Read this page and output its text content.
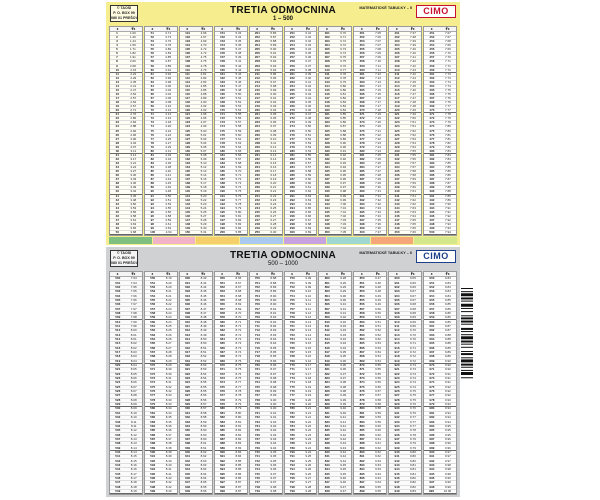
© TAOSI
P. O. BOX 99
080 01 PREŠOV
TRETIA ODMOCNINA
1 – 500
MATEMATICKÉ TABUĽKY – 5	CIMO
x	∛x
1	1.00
2	1.26
3	1.44
4	1.59
5	1.71
6	1.82
7	1.91
8	2.00
9	2.08
10	2.15
11	2.22
12	2.29
13	2.35
14	2.41
15	2.47
16	2.52
17	2.57
18	2.62
19	2.67
20	2.71
21	2.76
22	2.80
23	2.84
24	2.88
25	2.92
26	2.96
27	3.00
28	3.04
29	3.07
30	3.11
31	3.14
32	3.17
33	3.21
34	3.24
35	3.27
36	3.30
37	3.33
38	3.36
39	3.39
40	3.42
41	3.45
42	3.48
43	3.50
44	3.53
45	3.56
46	3.58
47	3.61
48	3.63
49	3.66
50	3.68
x	∛x
51	3.71
52	3.73
53	3.76
54	3.78
55	3.80
56	3.83
57	3.85
58	3.87
59	3.89
60	3.91
61	3.94
62	3.96
63	3.98
64	4.00
65	4.02
66	4.04
67	4.06
68	4.08
69	4.10
70	4.12
71	4.14
72	4.16
73	4.18
74	4.20
75	4.22
76	4.24
77	4.25
78	4.27
79	4.29
80	4.31
81	4.33
82	4.34
83	4.36
84	4.38
85	4.40
86	4.41
87	4.43
88	4.45
89	4.46
90	4.48
91	4.50
92	4.51
93	4.53
94	4.55
95	4.56
96	4.58
97	4.59
98	4.61
99	4.63
100	4.64
x	∛x
101	4.66
102	4.67
103	4.69
104	4.70
105	4.72
106	4.73
107	4.75
108	4.76
109	4.78
110	4.79
111	4.81
112	4.82
113	4.83
114	4.85
115	4.86
116	4.88
117	4.89
118	4.90
119	4.92
120	4.93
121	4.95
122	4.96
123	4.97
124	4.99
125	5.00
126	5.01
127	5.03
128	5.04
129	5.05
130	5.07
131	5.08
132	5.09
133	5.10
134	5.12
135	5.13
136	5.14
137	5.16
138	5.17
139	5.18
140	5.19
141	5.20
142	5.22
143	5.23
144	5.24
145	5.25
146	5.27
147	5.28
148	5.29
149	5.30
150	5.31
x	∛x
151	5.33
152	5.34
153	5.35
154	5.36
155	5.37
156	5.38
157	5.39
158	5.41
159	5.42
160	5.43
161	5.44
162	5.45
163	5.46
164	5.47
165	5.48
166	5.50
167	5.51
168	5.52
169	5.53
170	5.54
171	5.55
172	5.56
173	5.57
174	5.58
175	5.59
176	5.60
177	5.61
178	5.63
179	5.64
180	5.65
181	5.66
182	5.67
183	5.68
184	5.69
185	5.70
186	5.71
187	5.72
188	5.73
189	5.74
190	5.75
191	5.76
192	5.77
193	5.78
194	5.79
195	5.80
196	5.81
197	5.82
198	5.83
199	5.84
200	5.85
x	∛x
201	5.86
202	5.87
203	5.88
204	5.89
205	5.90
206	5.91
207	5.92
208	5.92
209	5.93
210	5.94
211	5.95
212	5.96
213	5.97
214	5.98
215	5.99
216	6.00
217	6.01
218	6.02
219	6.03
220	6.04
221	6.05
222	6.06
223	6.06
224	6.07
225	6.08
226	6.09
227	6.10
228	6.11
229	6.12
230	6.13
231	6.14
232	6.14
233	6.15
234	6.16
235	6.17
236	6.18
237	6.19
238	6.20
239	6.21
240	6.21
241	6.22
242	6.23
243	6.24
244	6.25
245	6.26
246	6.27
247	6.27
248	6.28
249	6.29
250	6.30
x	∛x
251	6.31
252	6.32
253	6.32
254	6.33
255	6.34
256	6.35
257	6.36
258	6.37
259	6.37
260	6.38
261	6.39
262	6.40
263	6.41
264	6.42
265	6.42
266	6.43
267	6.44
268	6.45
269	6.46
270	6.46
271	6.47
272	6.48
273	6.49
274	6.50
275	6.50
276	6.51
277	6.52
278	6.53
279	6.53
280	6.54
281	6.55
282	6.56
283	6.57
284	6.57
285	6.58
286	6.59
287	6.60
288	6.60
289	6.61
290	6.62
291	6.63
292	6.63
293	6.64
294	6.65
295	6.66
296	6.66
297	6.67
298	6.68
299	6.69
300	6.69
x	∛x
301	6.70
302	6.71
303	6.72
304	6.72
305	6.73
306	6.74
307	6.75
308	6.75
309	6.76
310	6.77
311	6.78
312	6.78
313	6.79
314	6.80
315	6.80
316	6.81
317	6.82
318	6.83
319	6.83
320	6.84
321	6.85
322	6.85
323	6.86
324	6.87
325	6.88
326	6.88
327	6.89
328	6.90
329	6.90
330	6.91
331	6.92
332	6.92
333	6.93
334	6.94
335	6.95
336	6.95
337	6.96
338	6.97
339	6.97
340	6.98
341	6.99
342	6.99
343	7.00
344	7.01
345	7.01
346	7.02
347	7.03
348	7.03
349	7.04
350	7.05
x	∛x
351	7.05
352	7.06
353	7.07
354	7.07
355	7.08
356	7.09
357	7.09
358	7.10
359	7.11
360	7.11
361	7.12
362	7.13
363	7.13
364	7.14
365	7.15
366	7.15
367	7.16
368	7.17
369	7.17
370	7.18
371	7.19
372	7.19
373	7.20
374	7.20
375	7.21
376	7.22
377	7.22
378	7.23
379	7.24
380	7.24
381	7.25
382	7.26
383	7.26
384	7.27
385	7.27
386	7.28
387	7.29
388	7.29
389	7.30
390	7.31
391	7.31
392	7.32
393	7.32
394	7.33
395	7.34
396	7.34
397	7.35
398	7.36
399	7.36
400	7.37
x	∛x
401	7.37
402	7.38
403	7.39
404	7.39
405	7.40
406	7.40
407	7.41
408	7.42
409	7.42
410	7.43
411	7.43
412	7.44
413	7.45
414	7.45
415	7.46
416	7.47
417	7.47
418	7.48
419	7.48
420	7.49
421	7.49
422	7.50
423	7.51
424	7.51
425	7.52
426	7.52
427	7.53
428	7.54
429	7.54
430	7.55
431	7.55
432	7.56
433	7.57
434	7.57
435	7.58
436	7.58
437	7.59
438	7.59
439	7.60
440	7.61
441	7.61
442	7.62
443	7.62
444	7.63
445	7.63
446	7.64
447	7.65
448	7.65
449	7.66
450	7.66
x	∛x
451	7.67
452	7.67
453	7.68
454	7.69
455	7.69
456	7.70
457	7.70
458	7.71
459	7.71
460	7.72
461	7.73
462	7.73
463	7.74
464	7.74
465	7.75
466	7.75
467	7.76
468	7.76
469	7.77
470	7.77
471	7.78
472	7.79
473	7.79
474	7.80
475	7.80
476	7.81
477	7.81
478	7.82
479	7.82
480	7.83
481	7.84
482	7.84
483	7.85
484	7.85
485	7.86
486	7.86
487	7.87
488	7.87
489	7.88
490	7.88
491	7.89
492	7.89
493	7.90
494	7.91
495	7.91
496	7.92
497	7.92
498	7.93
499	7.93
500	7.94
© TAOSI
P. O. BOX 99
080 01 PREŠOV
TRETIA ODMOCNINA
500 – 1000
MATEMATICKÉ TABUĽKY – 6	CIMO
x	∛x
500	7.94
501	7.94
502	7.95
503	7.95
504	7.96
505	7.96
506	7.97
507	7.97
508	7.98
509	7.98
510	7.99
511	7.99
512	8.00
513	8.01
514	8.01
515	8.02
516	8.02
517	8.03
518	8.03
519	8.04
520	8.04
521	8.05
522	8.05
523	8.06
524	8.06
525	8.07
526	8.07
527	8.08
528	8.08
529	8.09
530	8.09
531	8.10
532	8.10
533	8.11
534	8.11
535	8.12
536	8.12
537	8.13
538	8.13
539	8.14
540	8.14
541	8.15
542	8.15
543	8.16
544	8.16
545	8.17
546	8.17
547	8.18
548	8.18
549	8.19
x	∛x
550	8.19
551	8.20
552	8.20
553	8.21
554	8.21
555	8.22
556	8.22
557	8.23
558	8.23
559	8.24
560	8.24
561	8.25
562	8.25
563	8.26
564	8.26
565	8.27
566	8.27
567	8.28
568	8.28
569	8.29
570	8.29
571	8.30
572	8.30
573	8.31
574	8.31
575	8.32
576	8.32
577	8.33
578	8.33
579	8.33
580	8.34
581	8.34
582	8.35
583	8.35
584	8.36
585	8.36
586	8.37
587	8.37
588	8.38
589	8.38
590	8.39
591	8.39
592	8.40
593	8.40
594	8.41
595	8.41
596	8.42
597	8.42
598	8.42
599	8.43
x	∛x
600	8.43
601	8.44
602	8.44
603	8.45
604	8.45
605	8.46
606	8.46
607	8.47
608	8.47
609	8.48
610	8.48
611	8.49
612	8.49
613	8.49
614	8.50
615	8.50
616	8.51
617	8.51
618	8.52
619	8.52
620	8.53
621	8.53
622	8.54
623	8.54
624	8.55
625	8.55
626	8.55
627	8.56
628	8.56
629	8.57
630	8.57
631	8.58
632	8.58
633	8.59
634	8.59
635	8.60
636	8.60
637	8.60
638	8.61
639	8.61
640	8.62
641	8.62
642	8.63
643	8.63
644	8.64
645	8.64
646	8.64
647	8.65
648	8.65
649	8.66
x	∛x
650	8.66
651	8.67
652	8.67
653	8.68
654	8.68
655	8.68
656	8.69
657	8.69
658	8.70
659	8.70
660	8.71
661	8.71
662	8.72
663	8.72
664	8.72
665	8.73
666	8.73
667	8.74
668	8.74
669	8.75
670	8.75
671	8.75
672	8.76
673	8.76
674	8.77
675	8.77
676	8.78
677	8.78
678	8.79
679	8.79
680	8.79
681	8.80
682	8.80
683	8.81
684	8.81
685	8.82
686	8.82
687	8.82
688	8.83
689	8.83
690	8.84
691	8.84
692	8.85
693	8.85
694	8.85
695	8.86
696	8.86
697	8.87
698	8.87
699	8.87
x	∛x
700	8.88
701	8.88
702	8.89
703	8.89
704	8.90
705	8.90
706	8.90
707	8.91
708	8.91
709	8.92
710	8.92
711	8.93
712	8.93
713	8.93
714	8.94
715	8.94
716	8.95
717	8.95
718	8.95
719	8.96
720	8.96
721	8.97
722	8.97
723	8.98
724	8.98
725	8.98
726	8.99
727	8.99
728	9.00
729	9.00
730	9.00
731	9.01
732	9.01
733	9.02
734	9.02
735	9.02
736	9.03
737	9.03
738	9.04
739	9.04
740	9.05
741	9.05
742	9.05
743	9.06
744	9.06
745	9.07
746	9.07
747	9.07
748	9.08
749	9.08
x	∛x
750	9.09
751	9.09
752	9.09
753	9.10
754	9.10
755	9.11
756	9.11
757	9.11
758	9.12
759	9.12
760	9.13
761	9.13
762	9.13
763	9.14
764	9.14
765	9.15
766	9.15
767	9.15
768	9.16
769	9.16
770	9.17
771	9.17
772	9.17
773	9.18
774	9.18
775	9.19
776	9.19
777	9.19
778	9.20
779	9.20
780	9.21
781	9.21
782	9.21
783	9.22
784	9.22
785	9.22
786	9.23
787	9.23
788	9.24
789	9.24
790	9.24
791	9.25
792	9.25
793	9.26
794	9.26
795	9.26
796	9.27
797	9.27
798	9.28
799	9.28
x	∛x
800	9.28
801	9.29
802	9.29
803	9.29
804	9.30
805	9.30
806	9.31
807	9.31
808	9.31
809	9.32
810	9.32
811	9.33
812	9.33
813	9.33
814	9.34
815	9.34
816	9.34
817	9.35
818	9.35
819	9.36
820	9.36
821	9.36
822	9.37
823	9.37
824	9.38
825	9.38
826	9.38
827	9.39
828	9.39
829	9.39
830	9.40
831	9.40
832	9.41
833	9.41
834	9.41
835	9.42
836	9.42
837	9.42
838	9.43
839	9.43
840	9.44
841	9.44
842	9.44
843	9.45
844	9.45
845	9.45
846	9.46
847	9.46
848	9.47
849	9.47
x	∛x
850	9.47
851	9.48
852	9.48
853	9.48
854	9.49
855	9.49
856	9.49
857	9.50
858	9.50
859	9.51
860	9.51
861	9.51
862	9.52
863	9.52
864	9.52
865	9.53
866	9.53
867	9.54
868	9.54
869	9.54
870	9.55
871	9.55
872	9.55
873	9.56
874	9.56
875	9.56
876	9.57
877	9.57
878	9.58
879	9.58
880	9.58
881	9.59
882	9.59
883	9.59
884	9.60
885	9.60
886	9.60
887	9.61
888	9.61
889	9.62
890	9.62
891	9.62
892	9.63
893	9.63
894	9.63
895	9.64
896	9.64
897	9.64
898	9.65
899	9.65
x	∛x
900	9.65
901	9.66
902	9.66
903	9.67
904	9.67
905	9.67
906	9.68
907	9.68
908	9.68
909	9.69
910	9.69
911	9.69
912	9.70
913	9.70
914	9.70
915	9.71
916	9.71
917	9.72
918	9.72
919	9.72
920	9.73
921	9.73
922	9.73
923	9.74
924	9.74
925	9.74
926	9.75
927	9.75
928	9.75
929	9.76
930	9.76
931	9.76
932	9.77
933	9.77
934	9.77
935	9.78
936	9.78
937	9.79
938	9.79
939	9.79
940	9.80
941	9.80
942	9.80
943	9.81
944	9.81
945	9.81
946	9.82
947	9.82
948	9.82
949	9.83
x	∛x
950	9.83
951	9.83
952	9.84
953	9.84
954	9.84
955	9.85
956	9.85
957	9.85
958	9.86
959	9.86
960	9.86
961	9.87
962	9.87
963	9.88
964	9.88
965	9.88
966	9.89
967	9.89
968	9.89
969	9.90
970	9.90
971	9.90
972	9.91
973	9.91
974	9.91
975	9.92
976	9.92
977	9.92
978	9.93
979	9.93
980	9.93
981	9.94
982	9.94
983	9.94
984	9.95
985	9.95
986	9.95
987	9.96
988	9.96
989	9.96
990	9.97
991	9.97
992	9.97
993	9.98
994	9.98
995	9.98
996	9.99
997	9.99
998	9.99
999	10.00
